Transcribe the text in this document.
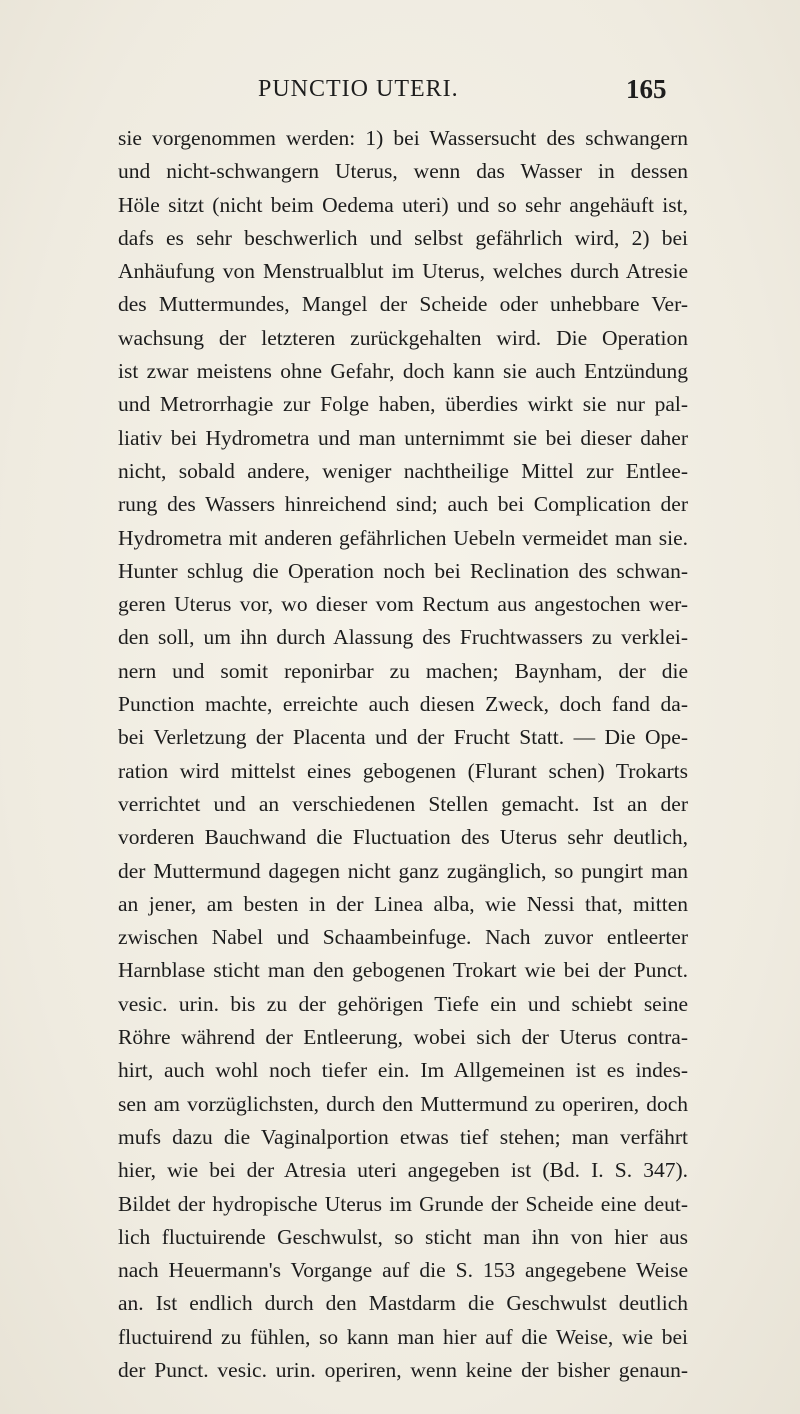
PUNCTIO UTERI.	165
sie vorgenommen werden: 1) bei Wassersucht des schwangern
und nicht-schwangern Uterus, wenn das Wasser in dessen
Höle sitzt (nicht beim Oedema uteri) und so sehr angehäuft ist,
dafs es sehr beschwerlich und selbst gefährlich wird, 2) bei
Anhäufung von Menstrualblut im Uterus, welches durch Atresie
des Muttermundes, Mangel der Scheide oder unhebbare Ver-
wachsung der letzteren zurückgehalten wird. Die Operation
ist zwar meistens ohne Gefahr, doch kann sie auch Entzündung
und Metrorrhagie zur Folge haben, überdies wirkt sie nur pal-
liativ bei Hydrometra und man unternimmt sie bei dieser daher
nicht, sobald andere, weniger nachtheilige Mittel zur Entlee-
rung des Wassers hinreichend sind; auch bei Complication der
Hydrometra mit anderen gefährlichen Uebeln vermeidet man sie.
Hunter schlug die Operation noch bei Reclination des schwan-
geren Uterus vor, wo dieser vom Rectum aus angestochen wer-
den soll, um ihn durch Alassung des Fruchtwassers zu verklei-
nern und somit reponirbar zu machen; Baynham, der die
Punction machte, erreichte auch diesen Zweck, doch fand da-
bei Verletzung der Placenta und der Frucht Statt. — Die Ope-
ration wird mittelst eines gebogenen (Flurant schen) Trokarts
verrichtet und an verschiedenen Stellen gemacht. Ist an der
vorderen Bauchwand die Fluctuation des Uterus sehr deutlich,
der Muttermund dagegen nicht ganz zugänglich, so pungirt man
an jener, am besten in der Linea alba, wie Nessi that, mitten
zwischen Nabel und Schaambeinfuge. Nach zuvor entleerter
Harnblase sticht man den gebogenen Trokart wie bei der Punct.
vesic. urin. bis zu der gehörigen Tiefe ein und schiebt seine
Röhre während der Entleerung, wobei sich der Uterus contra-
hirt, auch wohl noch tiefer ein. Im Allgemeinen ist es indes-
sen am vorzüglichsten, durch den Muttermund zu operiren, doch
mufs dazu die Vaginalportion etwas tief stehen; man verfährt
hier, wie bei der Atresia uteri angegeben ist (Bd. I. S. 347).
Bildet der hydropische Uterus im Grunde der Scheide eine deut-
lich fluctuirende Geschwulst, so sticht man ihn von hier aus
nach Heuermann's Vorgange auf die S. 153 angegebene Weise
an. Ist endlich durch den Mastdarm die Geschwulst deutlich
fluctuirend zu fühlen, so kann man hier auf die Weise, wie bei
der Punct. vesic. urin. operiren, wenn keine der bisher genaun-
